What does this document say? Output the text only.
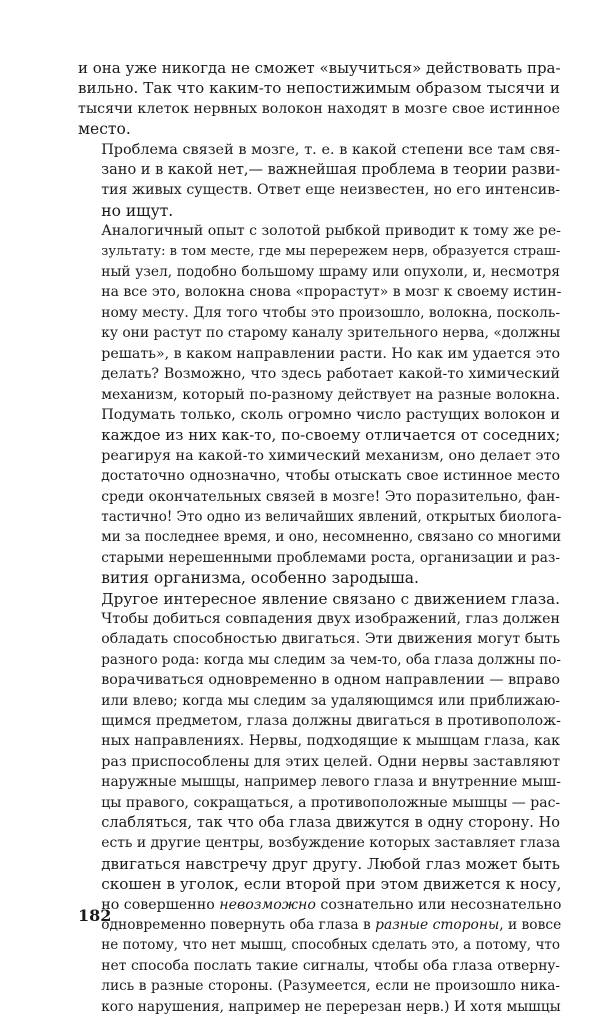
и она уже никогда не сможет «выучиться» действовать пра-
вильно. Так что каким-то непостижимым образом тысячи и
тысячи клеток нервных волокон находят в мозге свое истинное
место.

Проблема связей в мозге, т. е. в какой степени все там свя-
зано и в какой нет,— важнейшая проблема в теории разви-
тия живых существ. Ответ еще неизвестен, но его интенсив-
но ищут.

Аналогичный опыт с золотой рыбкой приводит к тому же ре-
зультату: в том месте, где мы перережем нерв, образуется страш-
ный узел, подобно большому шраму или опухоли, и, несмотря
на все это, волокна снова «прорастут» в мозг к своему истин-
ному месту. Для того чтобы это произошло, волокна, посколь-
ку они растут по старому каналу зрительного нерва, «должны
решать», в каком направлении расти. Но как им удается это
делать? Возможно, что здесь работает какой-то химический
механизм, который по-разному действует на разные волокна.
Подумать только, сколь огромно число растущих волокон и
каждое из них как-то, по-своему отличается от соседних;
реагируя на какой-то химический механизм, оно делает это
достаточно однозначно, чтобы отыскать свое истинное место
среди окончательных связей в мозге! Это поразительно, фан-
тастично! Это одно из величайших явлений, открытых биолога-
ми за последнее время, и оно, несомненно, связано со многими
старыми нерешенными проблемами роста, организации и раз-
вития организма, особенно зародыша.

Другое интересное явление связано с движением глаза.
Чтобы добиться совпадения двух изображений, глаз должен
обладать способностью двигаться. Эти движения могут быть
разного рода: когда мы следим за чем-то, оба глаза должны по-
ворачиваться одновременно в одном направлении — вправо
или влево; когда мы следим за удаляющимся или приближаю-
щимся предметом, глаза должны двигаться в противополож-
ных направлениях. Нервы, подходящие к мышцам глаза, как
раз приспособлены для этих целей. Одни нервы заставляют
наружные мышцы, например левого глаза и внутренние мыш-
цы правого, сокращаться, а противоположные мышцы — рас-
слабляться, так что оба глаза движутся в одну сторону. Но
есть и другие центры, возбуждение которых заставляет глаза
двигаться навстречу друг другу. Любой глаз может быть
скошен в уголок, если второй при этом движется к носу,
но совершенно невозможно сознательно или несознательно
одновременно повернуть оба глаза в разные стороны, и вовсе
не потому, что нет мышц, способных сделать это, а потому, что
нет способа послать такие сигналы, чтобы оба глаза отвернy-
лись в разные стороны. (Разумеется, если не произошло ника-
кого нарушения, например не перерезан нерв.) И хотя мышцы

182
